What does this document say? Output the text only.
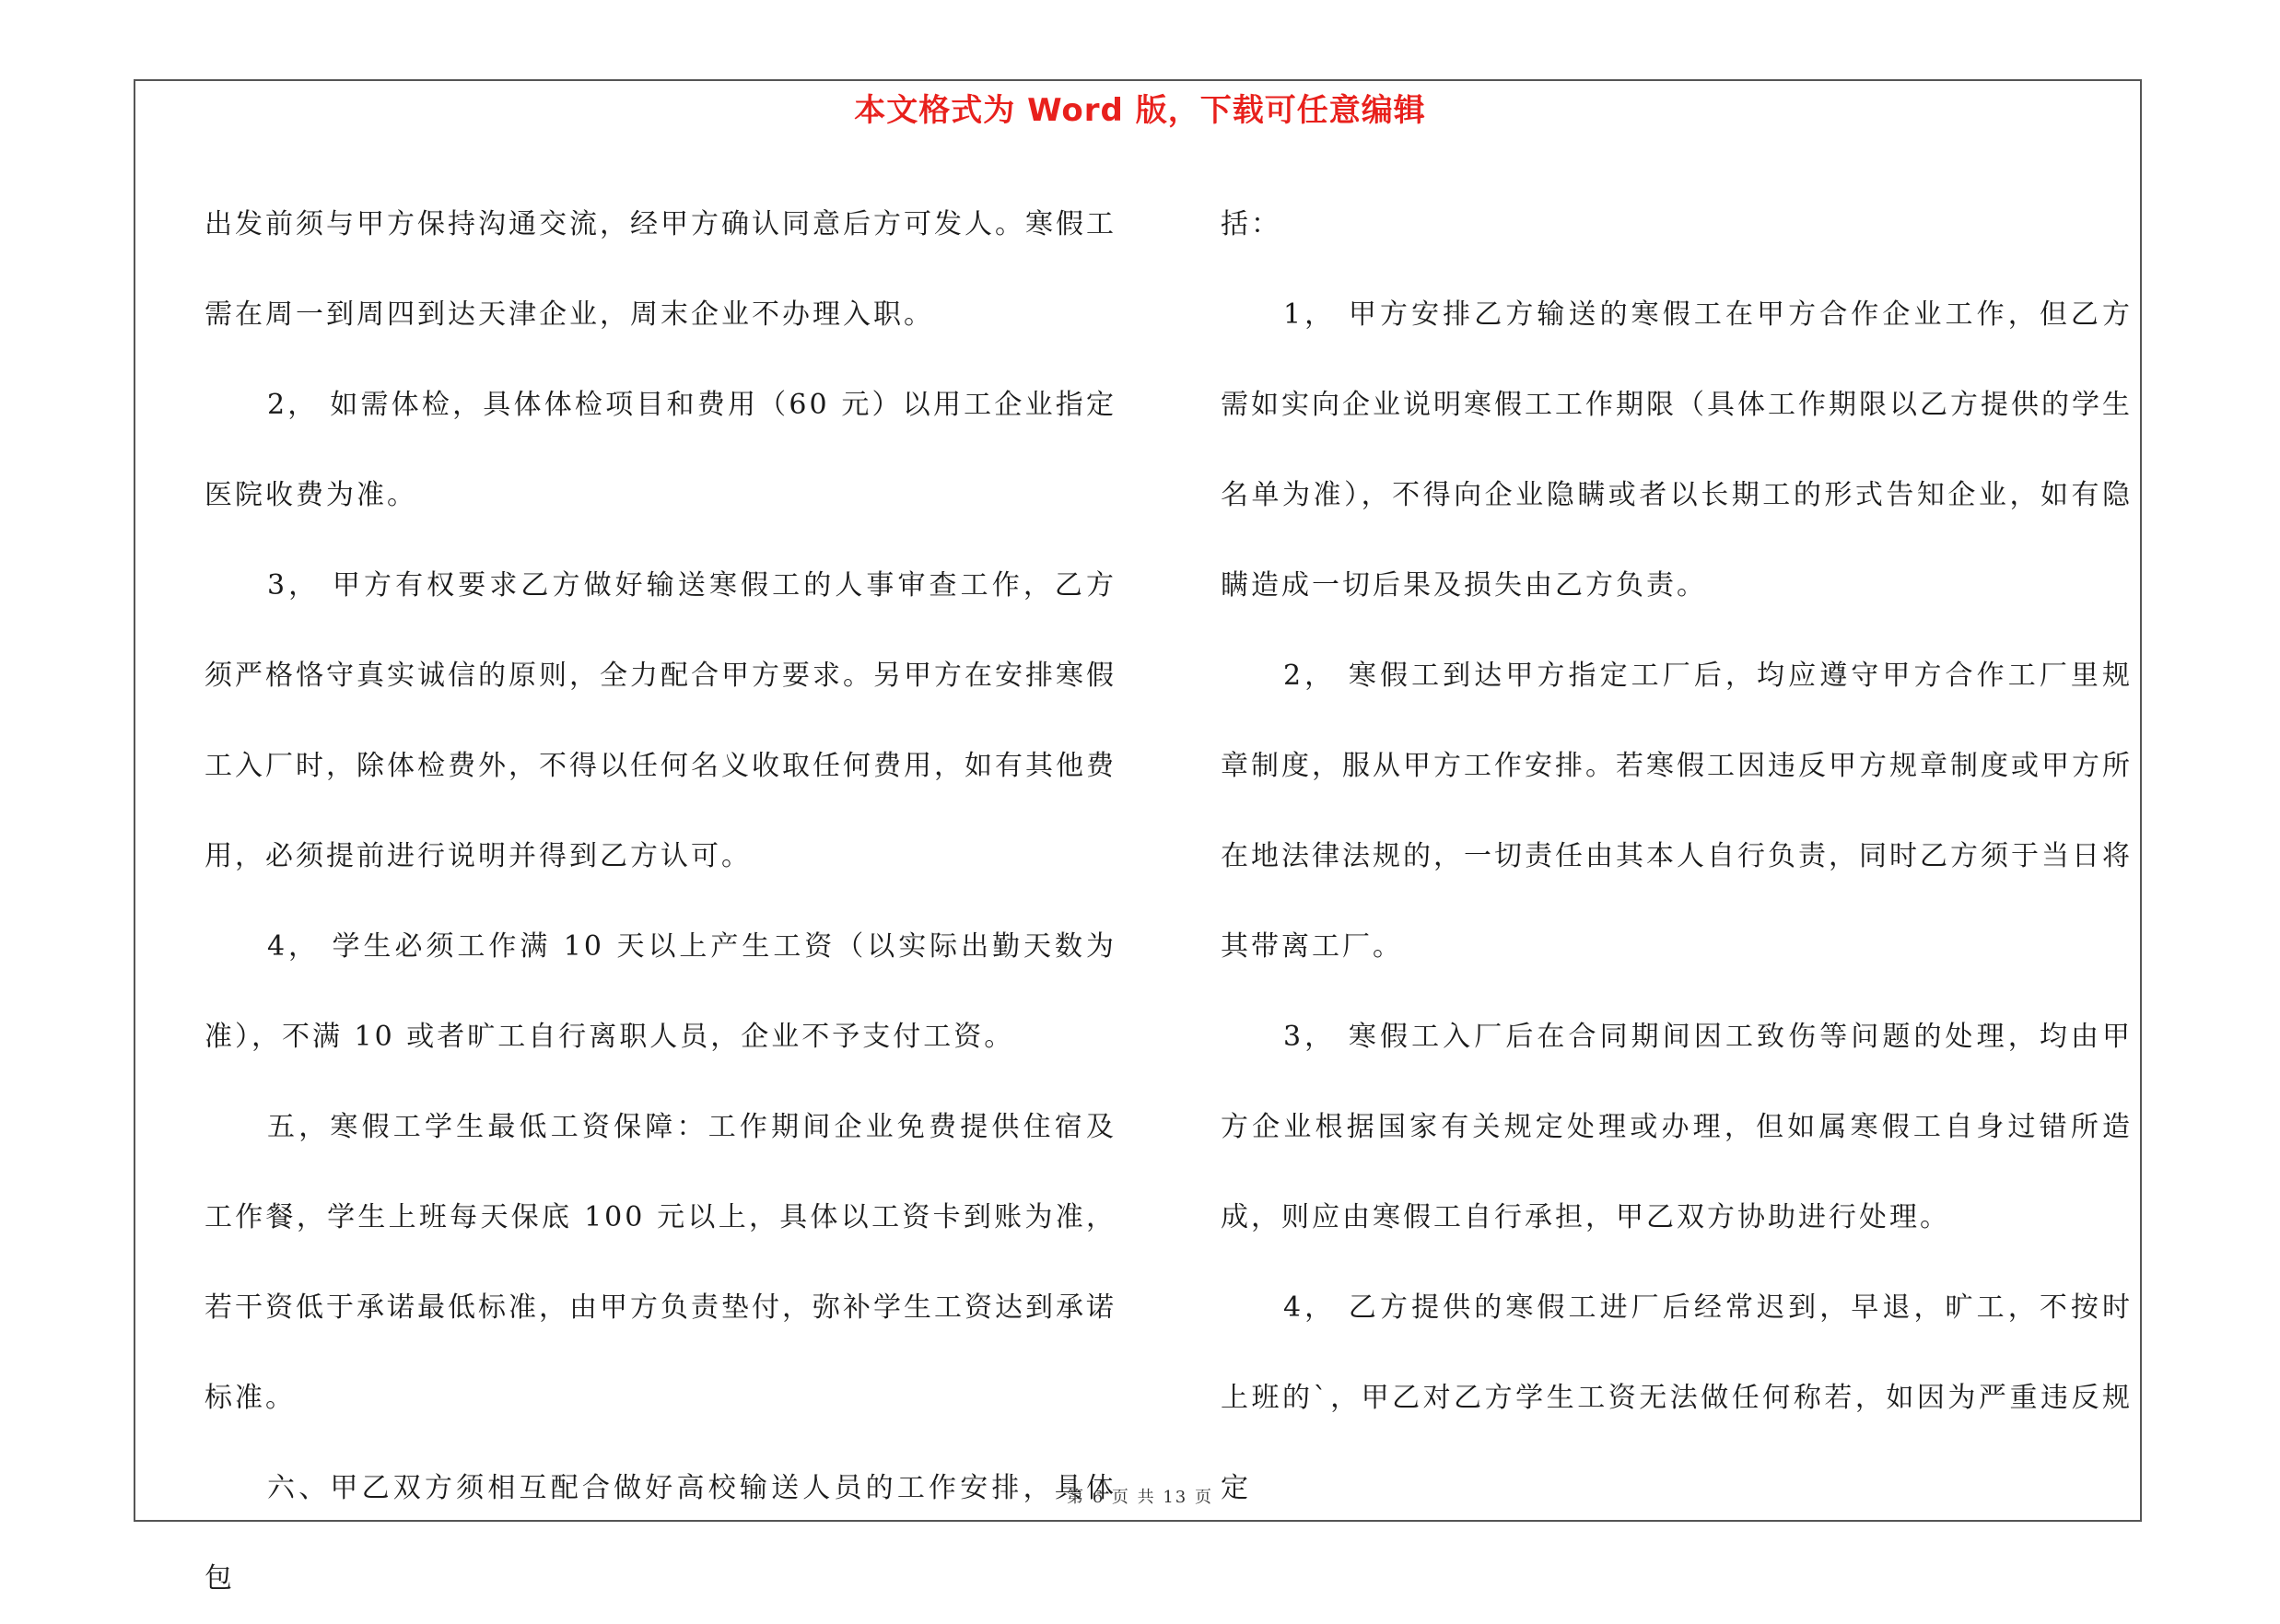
本文格式为 Word 版，下载可任意编辑

出发前须与甲方保持沟通交流，经甲方确认同意后方可发人。寒假工需在周一到周四到达天津企业，周末企业不办理入职。

2， 如需体检，具体体检项目和费用（60 元）以用工企业指定医院收费为准。

3， 甲方有权要求乙方做好输送寒假工的人事审查工作，乙方须严格恪守真实诚信的原则，全力配合甲方要求。另甲方在安排寒假工入厂时，除体检费外，不得以任何名义收取任何费用，如有其他费用，必须提前进行说明并得到乙方认可。

4， 学生必须工作满 10 天以上产生工资（以实际出勤天数为准），不满 10 或者旷工自行离职人员，企业不予支付工资。

五，寒假工学生最低工资保障：工作期间企业免费提供住宿及工作餐，学生上班每天保底 100 元以上，具体以工资卡到账为准，若干资低于承诺最低标准，由甲方负责垫付，弥补学生工资达到承诺标准。

六、甲乙双方须相互配合做好高校输送人员的工作安排，具体包

括：

1， 甲方安排乙方输送的寒假工在甲方合作企业工作，但乙方需如实向企业说明寒假工工作期限（具体工作期限以乙方提供的学生名单为准），不得向企业隐瞒或者以长期工的形式告知企业，如有隐瞒造成一切后果及损失由乙方负责。

2， 寒假工到达甲方指定工厂后，均应遵守甲方合作工厂里规章制度，服从甲方工作安排。若寒假工因违反甲方规章制度或甲方所在地法律法规的，一切责任由其本人自行负责，同时乙方须于当日将其带离工厂。

3， 寒假工入厂后在合同期间因工致伤等问题的处理，均由甲方企业根据国家有关规定处理或办理，但如属寒假工自身过错所造成，则应由寒假工自行承担，甲乙双方协助进行处理。

4， 乙方提供的寒假工进厂后经常迟到，早退，旷工，不按时上班的`，甲乙对乙方学生工资无法做任何称若，如因为严重违反规定

第 6 页 共 13 页
